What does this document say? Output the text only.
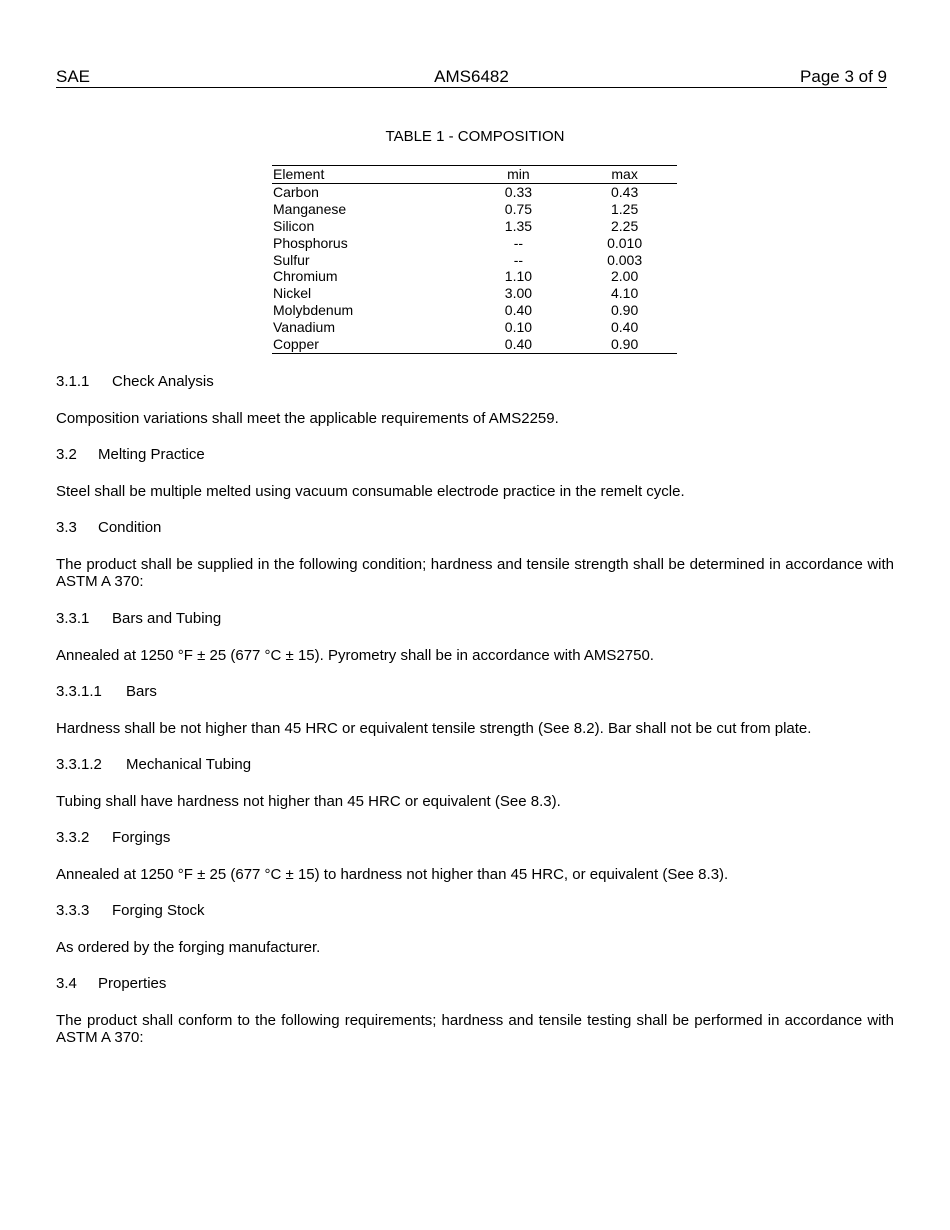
SAE	AMS6482	Page 3 of 9
TABLE 1 - COMPOSITION
Element	min	max
Carbon	0.33	0.43
Manganese	0.75	1.25
Silicon	1.35	2.25
Phosphorus	--	0.010
Sulfur	--	0.003
Chromium	1.10	2.00
Nickel	3.00	4.10
Molybdenum	0.40	0.90
Vanadium	0.10	0.40
Copper	0.40	0.90
3.1.1 Check Analysis
Composition variations shall meet the applicable requirements of AMS2259.
3.2 Melting Practice
Steel shall be multiple melted using vacuum consumable electrode practice in the remelt cycle.
3.3 Condition
The product shall be supplied in the following condition; hardness and tensile strength shall be determined in accordance with ASTM A 370:
3.3.1 Bars and Tubing
Annealed at 1250 °F ± 25 (677 °C ± 15). Pyrometry shall be in accordance with AMS2750.
3.3.1.1 Bars
Hardness shall be not higher than 45 HRC or equivalent tensile strength (See 8.2). Bar shall not be cut from plate.
3.3.1.2 Mechanical Tubing
Tubing shall have hardness not higher than 45 HRC or equivalent (See 8.3).
3.3.2 Forgings
Annealed at 1250 °F ± 25 (677 °C ± 15) to hardness not higher than 45 HRC, or equivalent (See 8.3).
3.3.3 Forging Stock
As ordered by the forging manufacturer.
3.4 Properties
The product shall conform to the following requirements; hardness and tensile testing shall be performed in accordance with ASTM A 370:
